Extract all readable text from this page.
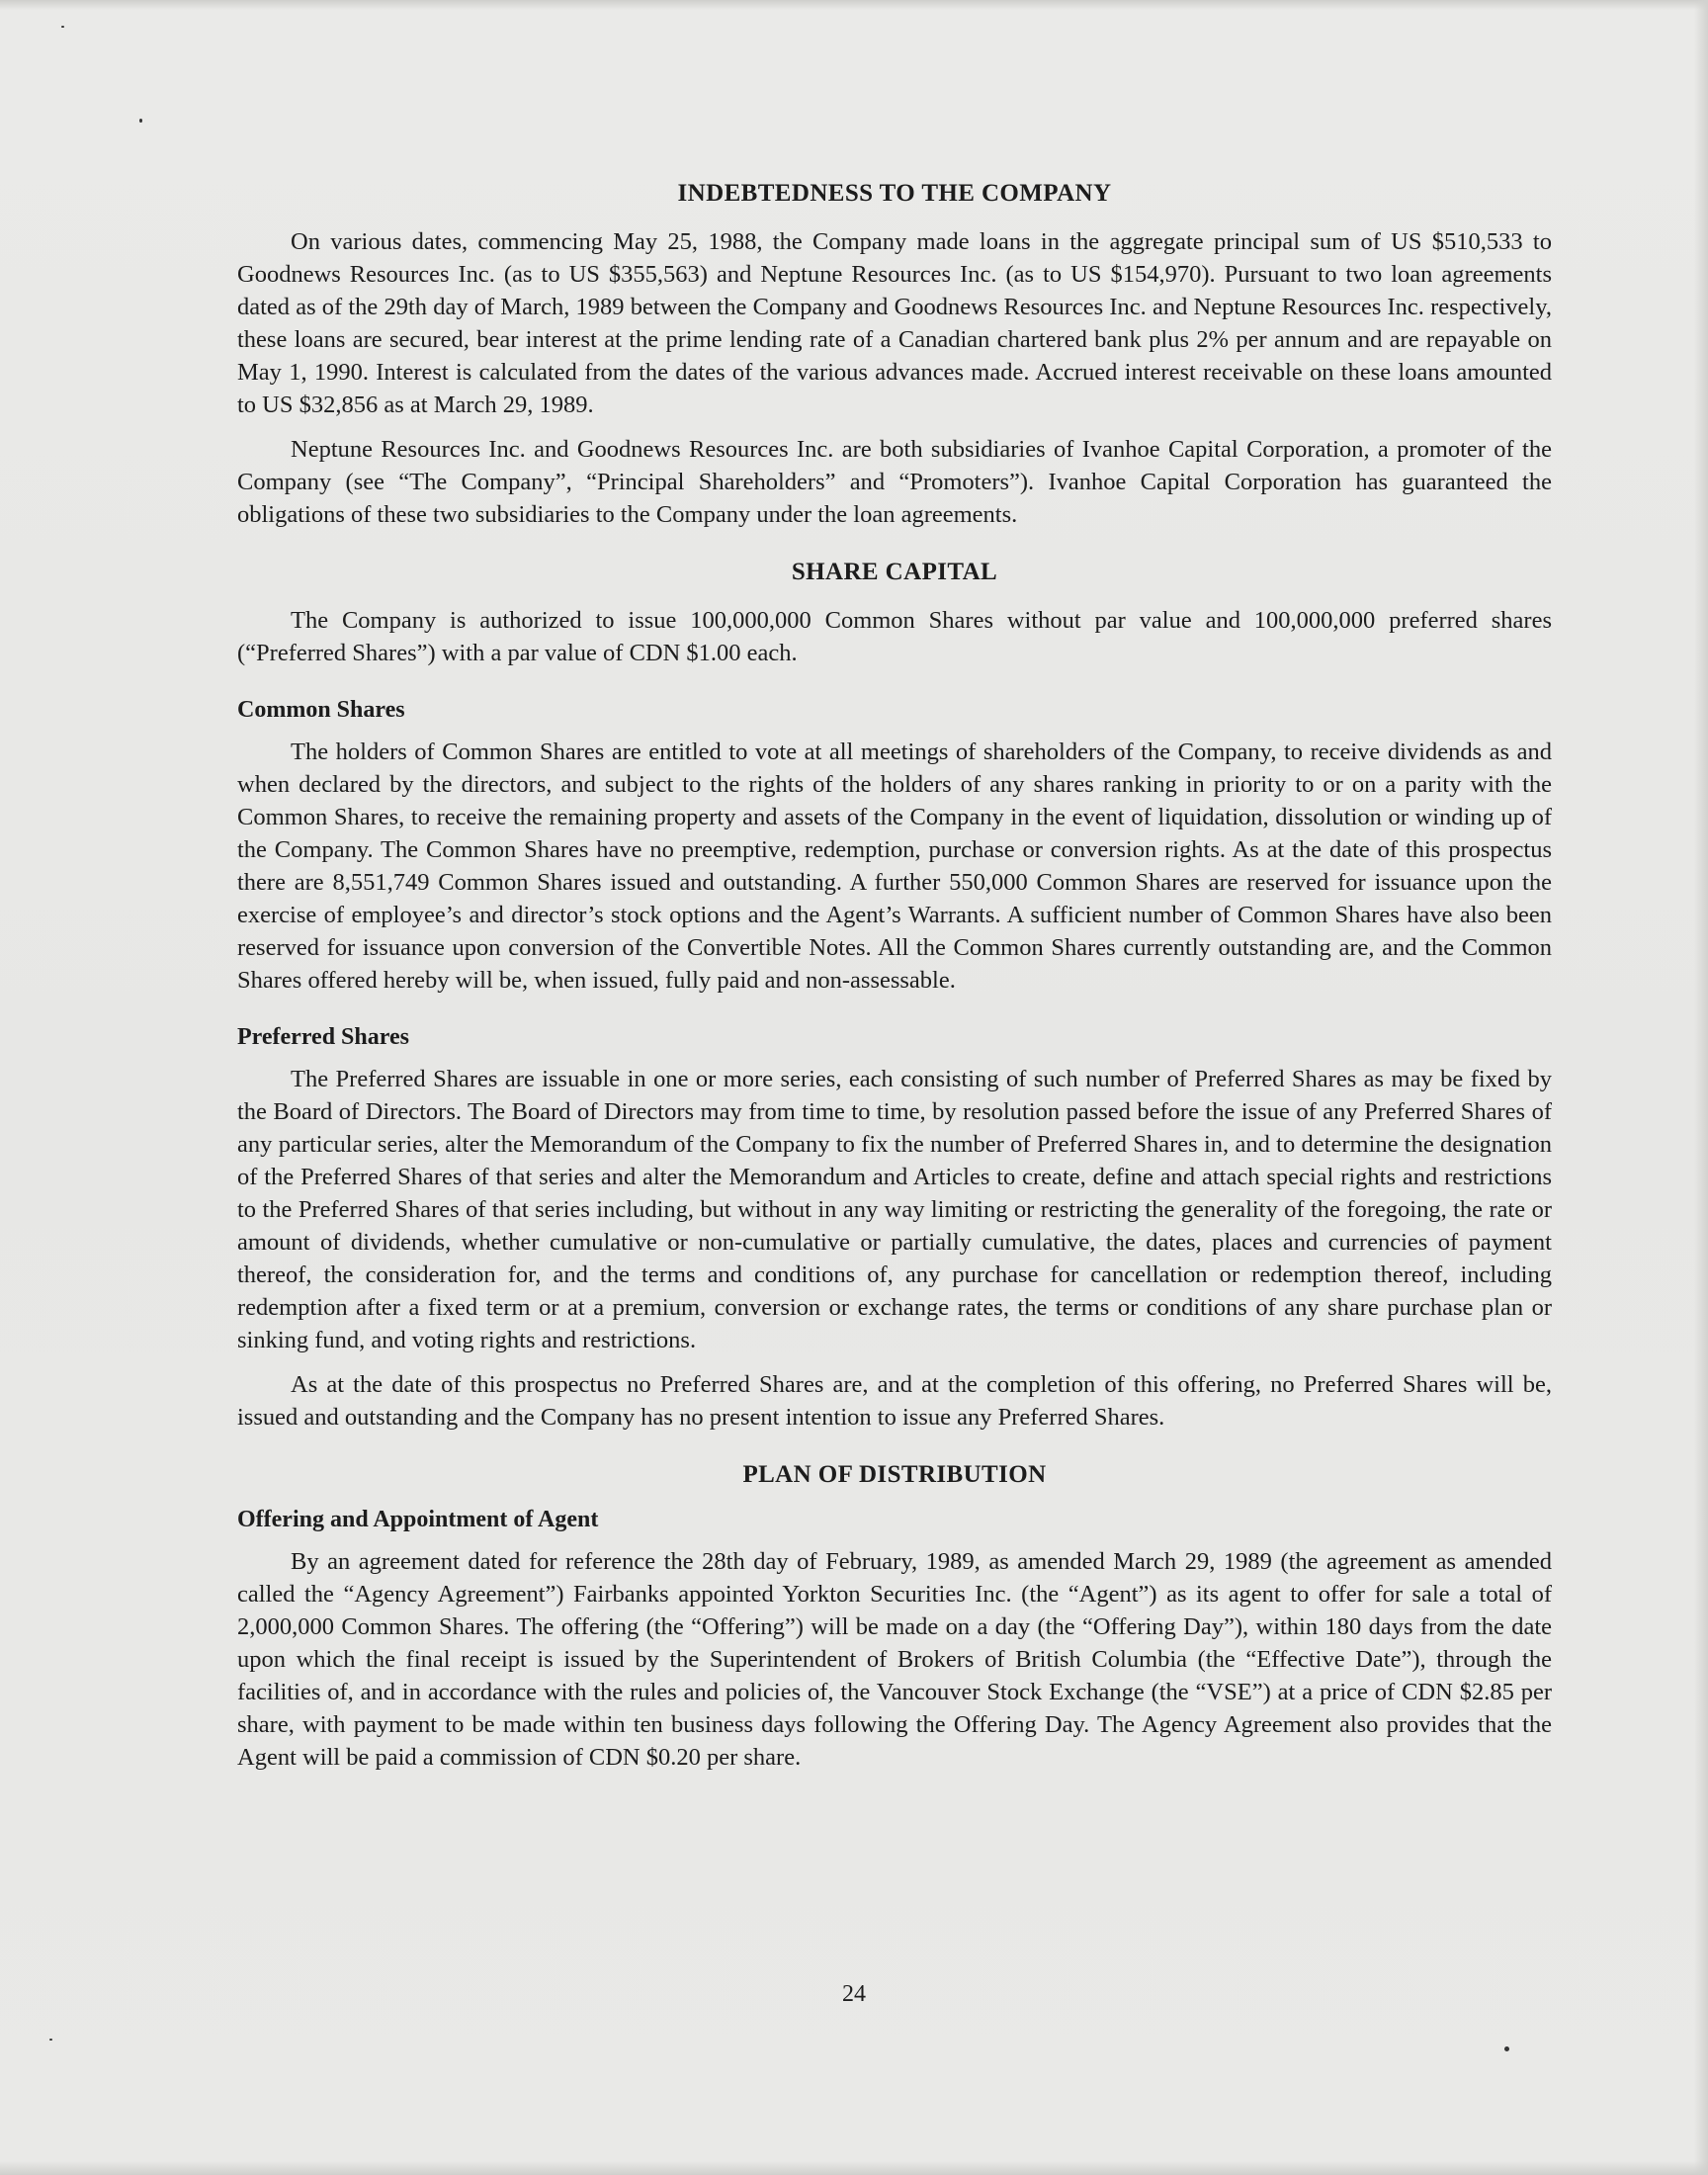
INDEBTEDNESS TO THE COMPANY

On various dates, commencing May 25, 1988, the Company made loans in the aggregate principal sum of US $510,533 to Goodnews Resources Inc. (as to US $355,563) and Neptune Resources Inc. (as to US $154,970). Pursuant to two loan agreements dated as of the 29th day of March, 1989 between the Company and Goodnews Resources Inc. and Neptune Resources Inc. respectively, these loans are secured, bear interest at the prime lending rate of a Canadian chartered bank plus 2% per annum and are repayable on May 1, 1990. Interest is calculated from the dates of the various advances made. Accrued interest receivable on these loans amounted to US $32,856 as at March 29, 1989.

Neptune Resources Inc. and Goodnews Resources Inc. are both subsidiaries of Ivanhoe Capital Corporation, a promoter of the Company (see “The Company”, “Principal Shareholders” and “Promoters”). Ivanhoe Capital Corporation has guaranteed the obligations of these two subsidiaries to the Company under the loan agreements.

SHARE CAPITAL

The Company is authorized to issue 100,000,000 Common Shares without par value and 100,000,000 preferred shares (“Preferred Shares”) with a par value of CDN $1.00 each.

Common Shares

The holders of Common Shares are entitled to vote at all meetings of shareholders of the Company, to receive dividends as and when declared by the directors, and subject to the rights of the holders of any shares ranking in priority to or on a parity with the Common Shares, to receive the remaining property and assets of the Company in the event of liquidation, dissolution or winding up of the Company. The Common Shares have no preemptive, redemption, purchase or conversion rights. As at the date of this prospectus there are 8,551,749 Common Shares issued and outstanding. A further 550,000 Common Shares are reserved for issuance upon the exercise of employee’s and director’s stock options and the Agent’s Warrants. A sufficient number of Common Shares have also been reserved for issuance upon conversion of the Convertible Notes. All the Common Shares currently outstanding are, and the Common Shares offered hereby will be, when issued, fully paid and non-assessable.

Preferred Shares

The Preferred Shares are issuable in one or more series, each consisting of such number of Preferred Shares as may be fixed by the Board of Directors. The Board of Directors may from time to time, by resolution passed before the issue of any Preferred Shares of any particular series, alter the Memorandum of the Company to fix the number of Preferred Shares in, and to determine the designation of the Preferred Shares of that series and alter the Memorandum and Articles to create, define and attach special rights and restrictions to the Preferred Shares of that series including, but without in any way limiting or restricting the generality of the foregoing, the rate or amount of dividends, whether cumulative or non-cumulative or partially cumulative, the dates, places and currencies of payment thereof, the consideration for, and the terms and conditions of, any purchase for cancellation or redemption thereof, including redemption after a fixed term or at a premium, conversion or exchange rates, the terms or conditions of any share purchase plan or sinking fund, and voting rights and restrictions.

As at the date of this prospectus no Preferred Shares are, and at the completion of this offering, no Preferred Shares will be, issued and outstanding and the Company has no present intention to issue any Preferred Shares.

PLAN OF DISTRIBUTION
Offering and Appointment of Agent

By an agreement dated for reference the 28th day of February, 1989, as amended March 29, 1989 (the agreement as amended called the “Agency Agreement”) Fairbanks appointed Yorkton Securities Inc. (the “Agent”) as its agent to offer for sale a total of 2,000,000 Common Shares. The offering (the “Offering”) will be made on a day (the “Offering Day”), within 180 days from the date upon which the final receipt is issued by the Superintendent of Brokers of British Columbia (the “Effective Date”), through the facilities of, and in accordance with the rules and policies of, the Vancouver Stock Exchange (the “VSE”) at a price of CDN $2.85 per share, with payment to be made within ten business days following the Offering Day. The Agency Agreement also provides that the Agent will be paid a commission of CDN $0.20 per share.

24
